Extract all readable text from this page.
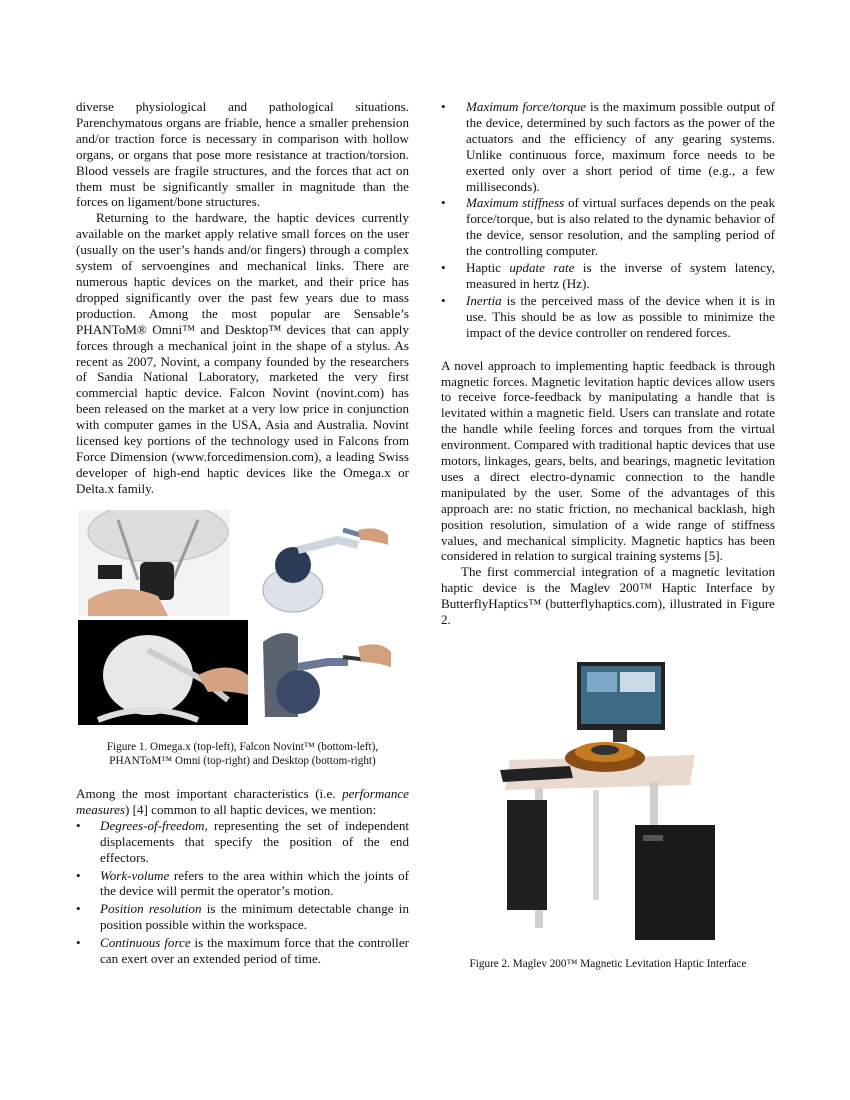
diverse physiological and pathological situations. Parenchymatous organs are friable, hence a smaller prehension and/or traction force is necessary in comparison with hollow organs, or organs that pose more resistance at traction/torsion. Blood vessels are fragile structures, and the forces that act on them must be significantly smaller in magnitude than the forces on ligament/bone structures.

Returning to the hardware, the haptic devices currently available on the market apply relative small forces on the user (usually on the user’s hands and/or fingers) through a complex system of servoengines and mechanical links. There are numerous haptic devices on the market, and their price has dropped significantly over the past few years due to mass production. Among the most popular are Sensable’s PHANToM® Omni™ and Desktop™ devices that can apply forces through a mechanical joint in the shape of a stylus. As recent as 2007, Novint, a company founded by the researchers of Sandia National Laboratory, marketed the very first commercial haptic device. Falcon Novint (novint.com) has been released on the market at a very low price in conjunction with computer games in the USA, Asia and Australia. Novint licensed key portions of the technology used in Falcons from Force Dimension (www.forcedimension.com), a leading Swiss developer of high-end haptic devices like the Omega.x or Delta.x family.

Figure 1. Omega.x (top-left), Falcon Novint™ (bottom-left),
PHANToM™ Omni (top-right) and Desktop (bottom-right)

Among the most important characteristics (i.e. performance measures) [4] common to all haptic devices, we mention:

• Degrees-of-freedom, representing the set of independent displacements that specify the position of the end effectors.
• Work-volume refers to the area within which the joints of the device will permit the operator’s motion.
• Position resolution is the minimum detectable change in position possible within the workspace.
• Continuous force is the maximum force that the controller can exert over an extended period of time.
• Maximum force/torque is the maximum possible output of the device, determined by such factors as the power of the actuators and the efficiency of any gearing systems. Unlike continuous force, maximum force needs to be exerted only over a short period of time (e.g., a few milliseconds).
• Maximum stiffness of virtual surfaces depends on the peak force/torque, but is also related to the dynamic behavior of the device, sensor resolution, and the sampling period of the controlling computer.
• Haptic update rate is the inverse of system latency, measured in hertz (Hz).
• Inertia is the perceived mass of the device when it is in use. This should be as low as possible to minimize the impact of the device controller on rendered forces.

A novel approach to implementing haptic feedback is through magnetic forces. Magnetic levitation haptic devices allow users to receive force-feedback by manipulating a handle that is levitated within a magnetic field. Users can translate and rotate the handle while feeling forces and torques from the virtual environment. Compared with traditional haptic devices that use motors, linkages, gears, belts, and bearings, magnetic levitation uses a direct electro-dynamic connection to the handle manipulated by the user. Some of the advantages of this approach are: no static friction, no mechanical backlash, high position resolution, simulation of a wide range of stiffness values, and mechanical simplicity. Magnetic haptics has been considered in relation to surgical training systems [5].

The first commercial integration of a magnetic levitation haptic device is the Maglev 200™ Haptic Interface by ButterflyHaptics™ (butterflyhaptics.com), illustrated in Figure 2.

Figure 2. Maglev 200™ Magnetic Levitation Haptic Interface
